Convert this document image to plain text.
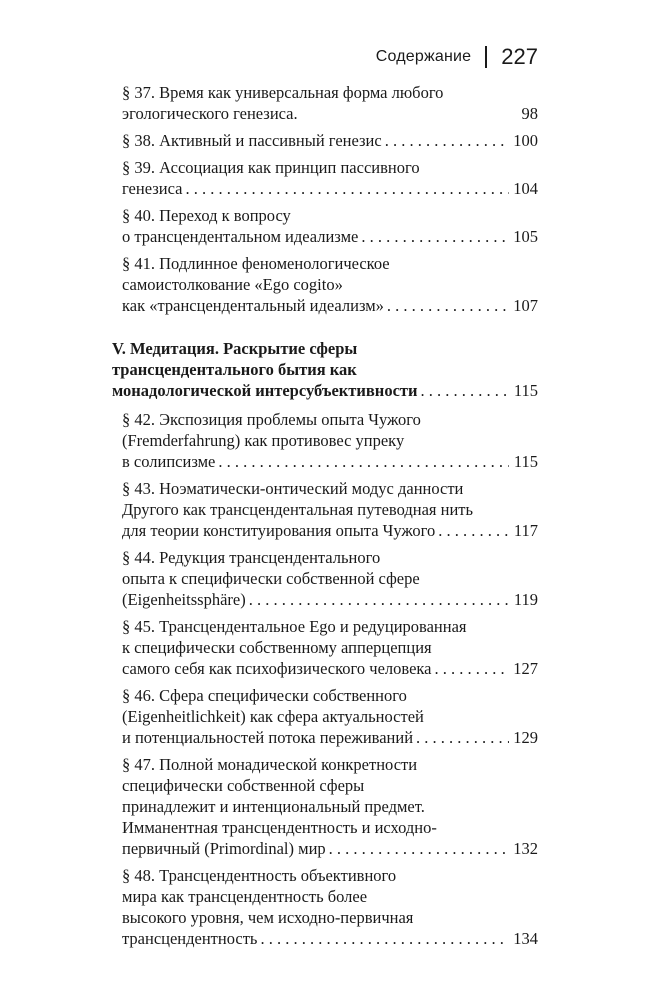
Содержание 227
§ 37. Время как универсальная форма любого
эгологического генезиса.	98
§ 38. Активный и пассивный генезис . . .	100
§ 39. Ассоциация как принцип пассивного
генезиса . . .	104
§ 40. Переход к вопросу
о трансцендентальном идеализме . . .	105
§ 41. Подлинное феноменологическое
самоистолкование «Ego cogito»
как «трансцендентальный идеализм» . . .	107
V. Медитация. Раскрытие сферы
трансцендентального бытия как
монадологической интерсубъективности . . .	115
§ 42. Экспозиция проблемы опыта Чужого
(Fremderfahrung) как противовес упреку
в солипсизме . . .	115
§ 43. Ноэматически-онтический модус данности
Другого как трансцендентальная путеводная нить
для теории конституирования опыта Чужого . . .	117
§ 44. Редукция трансцендентального
опыта к специфически собственной сфере
(Eigenheitssphäre) . . .	119
§ 45. Трансцендентальное Ego и редуцированная
к специфически собственному апперцепция
самого себя как психофизического человека . . .	127
§ 46. Сфера специфически собственного
(Eigenheitlichkeit) как сфера актуальностей
и потенциальностей потока переживаний . . .	129
§ 47. Полной монадической конкретности
специфически собственной сферы
принадлежит и интенциональный предмет.
Имманентная трансцендентность и исходно-
первичный (Primordinal) мир . . .	132
§ 48. Трансцендентность объективного
мира как трансцендентность более
высокого уровня, чем исходно-первичная
трансцендентность . . .	134
